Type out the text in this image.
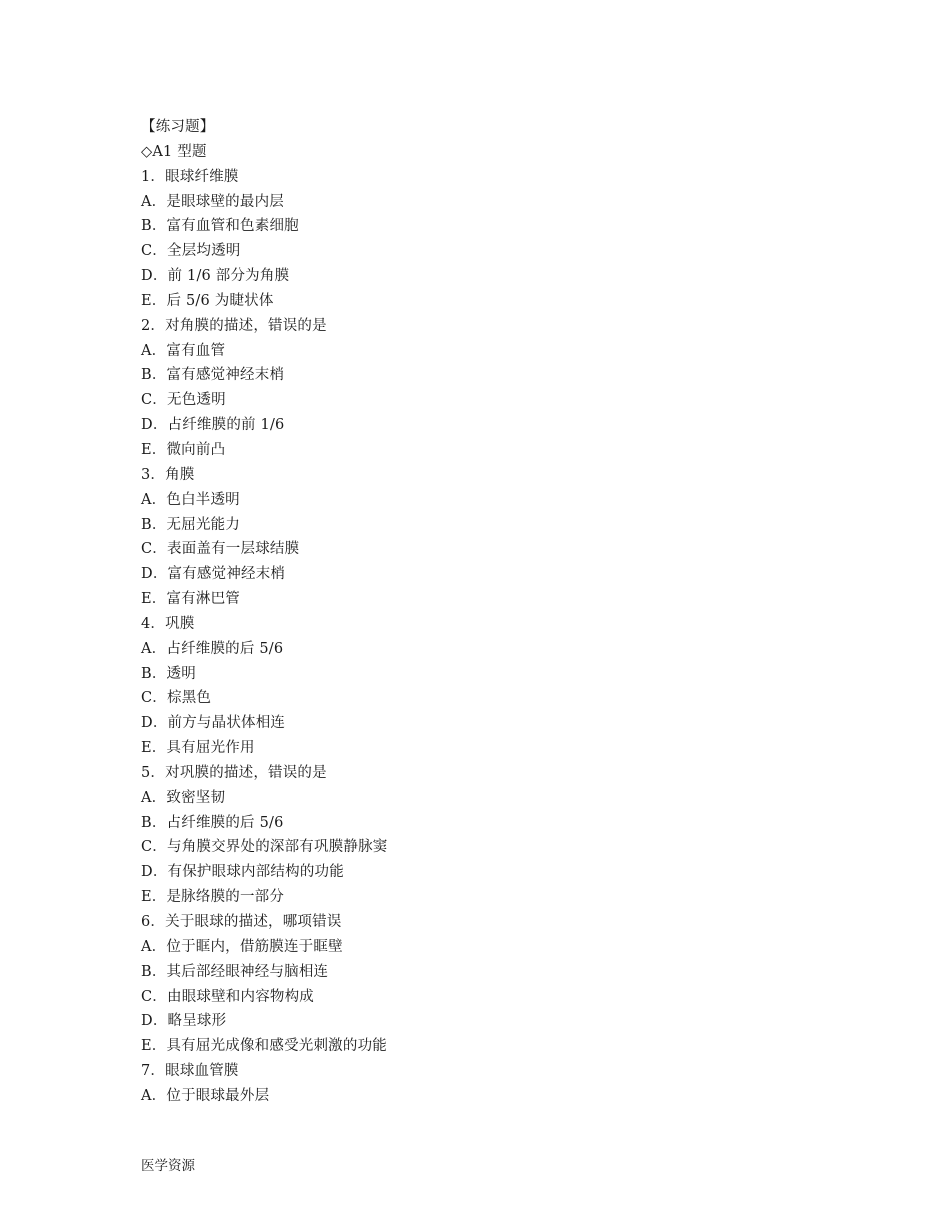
【练习题】
◇A1 型题
1．眼球纤维膜
A．是眼球壁的最内层
B．富有血管和色素细胞
C．全层均透明
D．前 1/6 部分为角膜
E．后 5/6 为睫状体
2．对角膜的描述，错误的是
A．富有血管
B．富有感觉神经末梢
C．无色透明
D．占纤维膜的前 1/6
E．微向前凸
3．角膜
A．色白半透明
B．无屈光能力
C．表面盖有一层球结膜
D．富有感觉神经末梢
E．富有淋巴管
4．巩膜
A．占纤维膜的后 5/6
B．透明
C．棕黑色
D．前方与晶状体相连
E．具有屈光作用
5．对巩膜的描述，错误的是
A．致密坚韧
B．占纤维膜的后 5/6
C．与角膜交界处的深部有巩膜静脉窦
D．有保护眼球内部结构的功能
E．是脉络膜的一部分
6．关于眼球的描述，哪项错误
A．位于眶内，借筋膜连于眶壁
B．其后部经眼神经与脑相连
C．由眼球壁和内容物构成
D．略呈球形
E．具有屈光成像和感受光刺激的功能
7．眼球血管膜
A．位于眼球最外层
医学资源
